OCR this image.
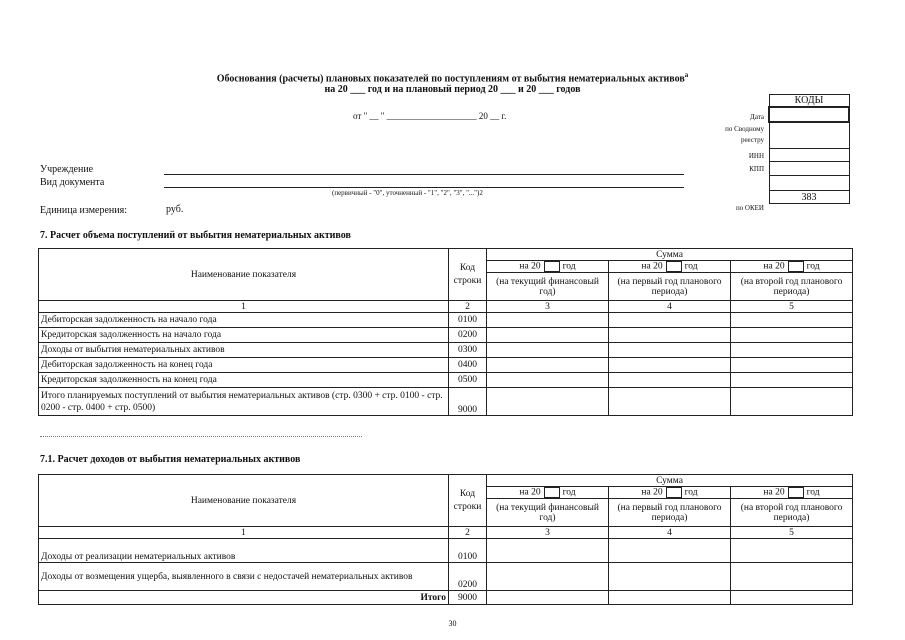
Обоснования (расчеты) плановых показателей по поступлениям от выбытия нематериальных активов$^а$
на 20 ___ год и на плановый период 20 ___ и 20 ___ годов
от " __ " ____________________ 20 __ г.
КОДЫ

383
Дата
по Сводному
реестру
ИНН
КПП
по ОКЕИ
Учреждение
Вид документа
(первичный - "0", уточненный - "1", "2", "3", "...")2
Единица измерения:	руб.
7. Расчет объема поступлений от выбытия нематериальных активов
Наименование показателя	Код строки	Сумма		
		на 20 год	на 20 год	на 20 год
		(на текущий финансовый год)	(на первый год планового периода)	(на второй год планового периода)
1	2	3	4	5
Дебиторская задолженность на начало года	0100			
Кредиторская задолженность на начало года	0200			
Доходы от выбытия нематериальных активов	0300			
Дебиторская задолженность на конец года	0400			
Кредиторская задолженность на конец года	0500			
Итого планируемых поступлений от выбытия нематериальных активов (стр. 0300 + стр. 0100 - стр. 0200 - стр. 0400 + стр. 0500)	9000			
7.1. Расчет доходов от выбытия нематериальных активов
Наименование показателя	Код строки	Сумма		
		на 20 год	на 20 год	на 20 год
		(на текущий финансовый год)	(на первый год планового периода)	(на второй год планового периода)
1	2	3	4	5
Доходы от реализации нематериальных активов	0100			
Доходы от возмещения ущерба, выявленного в связи с недостачей нематериальных активов	0200			
Итого	9000			
30
